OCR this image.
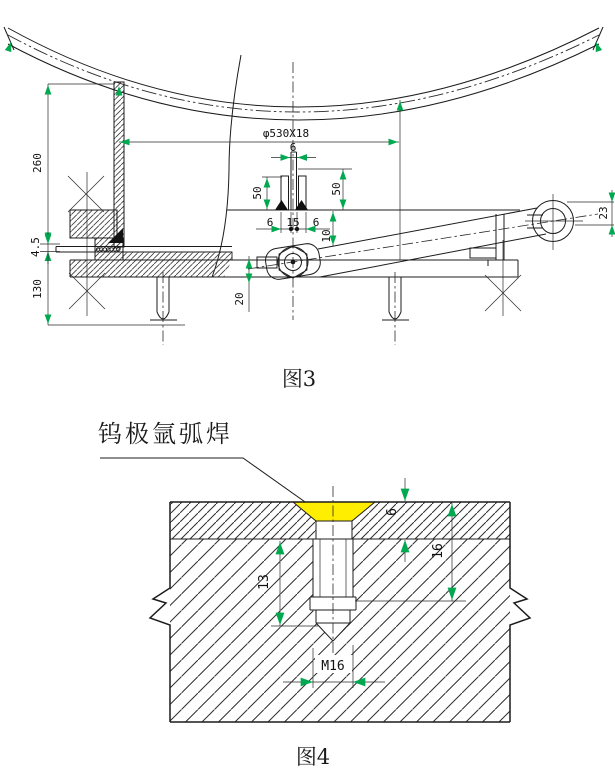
260
4.5
130
φ530X18
6
50	50
6 15 6
10
20
23
图3
钨极氩弧焊
6
16
13
M16
图4
